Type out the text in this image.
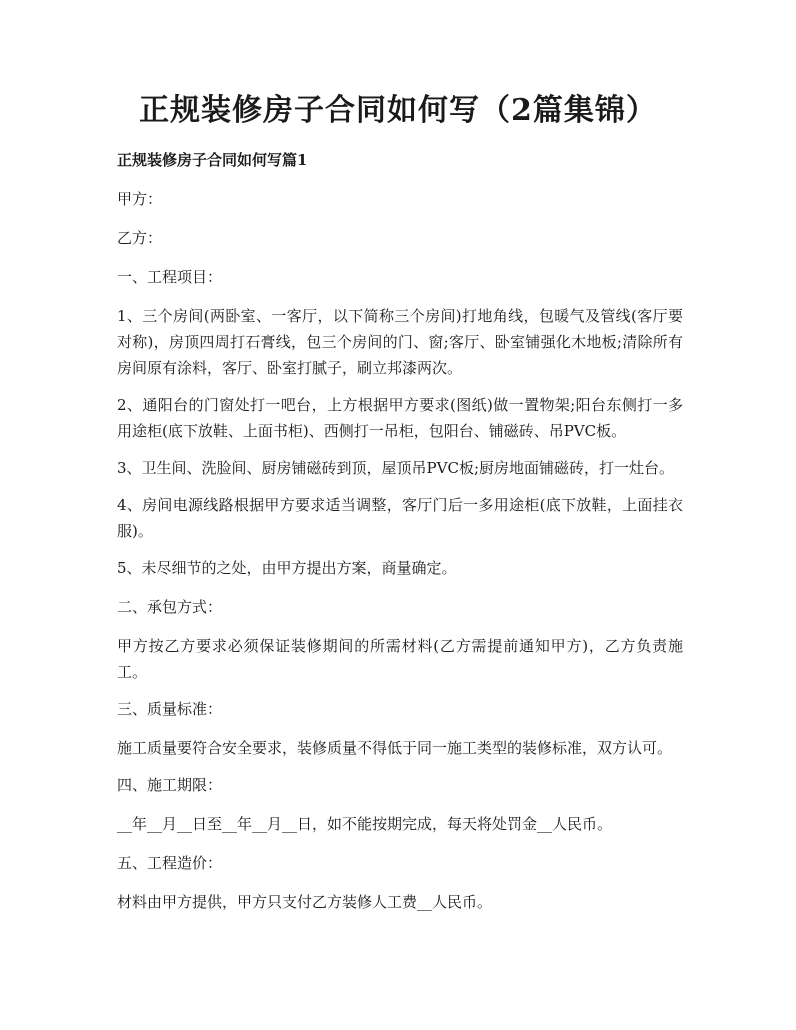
正规装修房子合同如何写（2篇集锦）

正规装修房子合同如何写篇1

甲方：

乙方：

一、工程项目：

1、三个房间(两卧室、一客厅，以下简称三个房间)打地角线，包暖气及管线(客厅要对称)，房顶四周打石膏线，包三个房间的门、窗;客厅、卧室铺强化木地板;清除所有房间原有涂料，客厅、卧室打腻子，刷立邦漆两次。

2、通阳台的门窗处打一吧台，上方根据甲方要求(图纸)做一置物架;阳台东侧打一多用途柜(底下放鞋、上面书柜)、西侧打一吊柜，包阳台、铺磁砖、吊PVC板。

3、卫生间、洗脸间、厨房铺磁砖到顶，屋顶吊PVC板;厨房地面铺磁砖，打一灶台。

4、房间电源线路根据甲方要求适当调整，客厅门后一多用途柜(底下放鞋，上面挂衣服)。

5、未尽细节的之处，由甲方提出方案，商量确定。

二、承包方式：

甲方按乙方要求必须保证装修期间的所需材料(乙方需提前通知甲方)，乙方负责施工。

三、质量标准：

施工质量要符合安全要求，装修质量不得低于同一施工类型的装修标准，双方认可。

四、施工期限：

__年__月__日至__年__月__日，如不能按期完成，每天将处罚金__人民币。

五、工程造价：

材料由甲方提供，甲方只支付乙方装修人工费__人民币。
